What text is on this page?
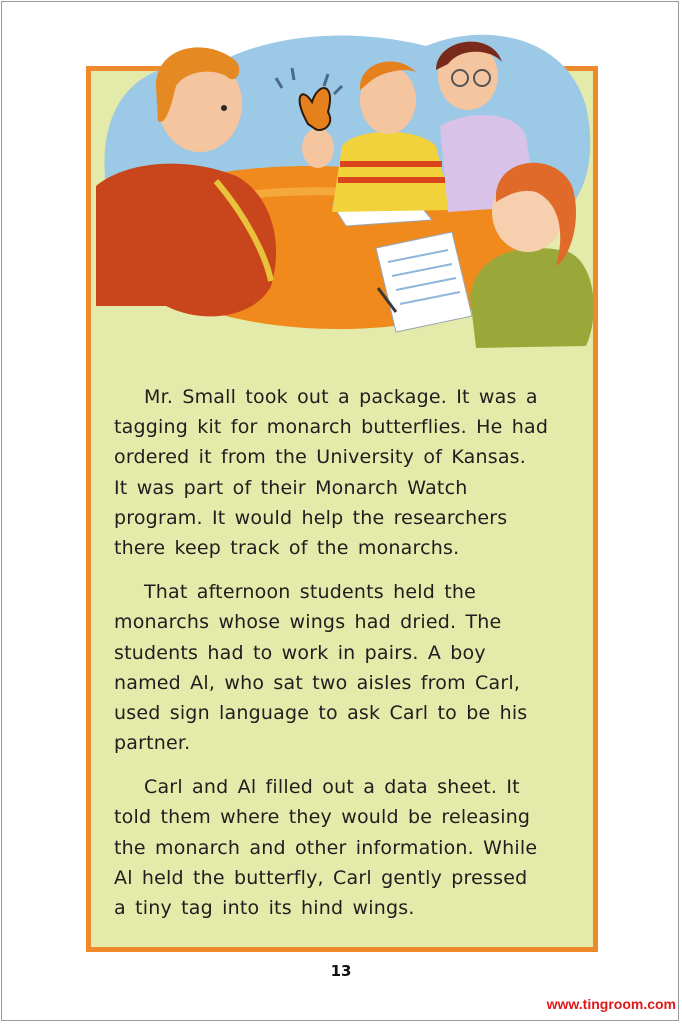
Mr. Small took out a package. It was a
tagging kit for monarch butterflies. He had
ordered it from the University of Kansas.
It was part of their Monarch Watch
program. It would help the researchers
there keep track of the monarchs.
That afternoon students held the
monarchs whose wings had dried. The
students had to work in pairs. A boy
named Al, who sat two aisles from Carl,
used sign language to ask Carl to be his
partner.
Carl and Al filled out a data sheet. It
told them where they would be releasing
the monarch and other information. While
Al held the butterfly, Carl gently pressed
a tiny tag into its hind wings.
13
www.tingroom.com
